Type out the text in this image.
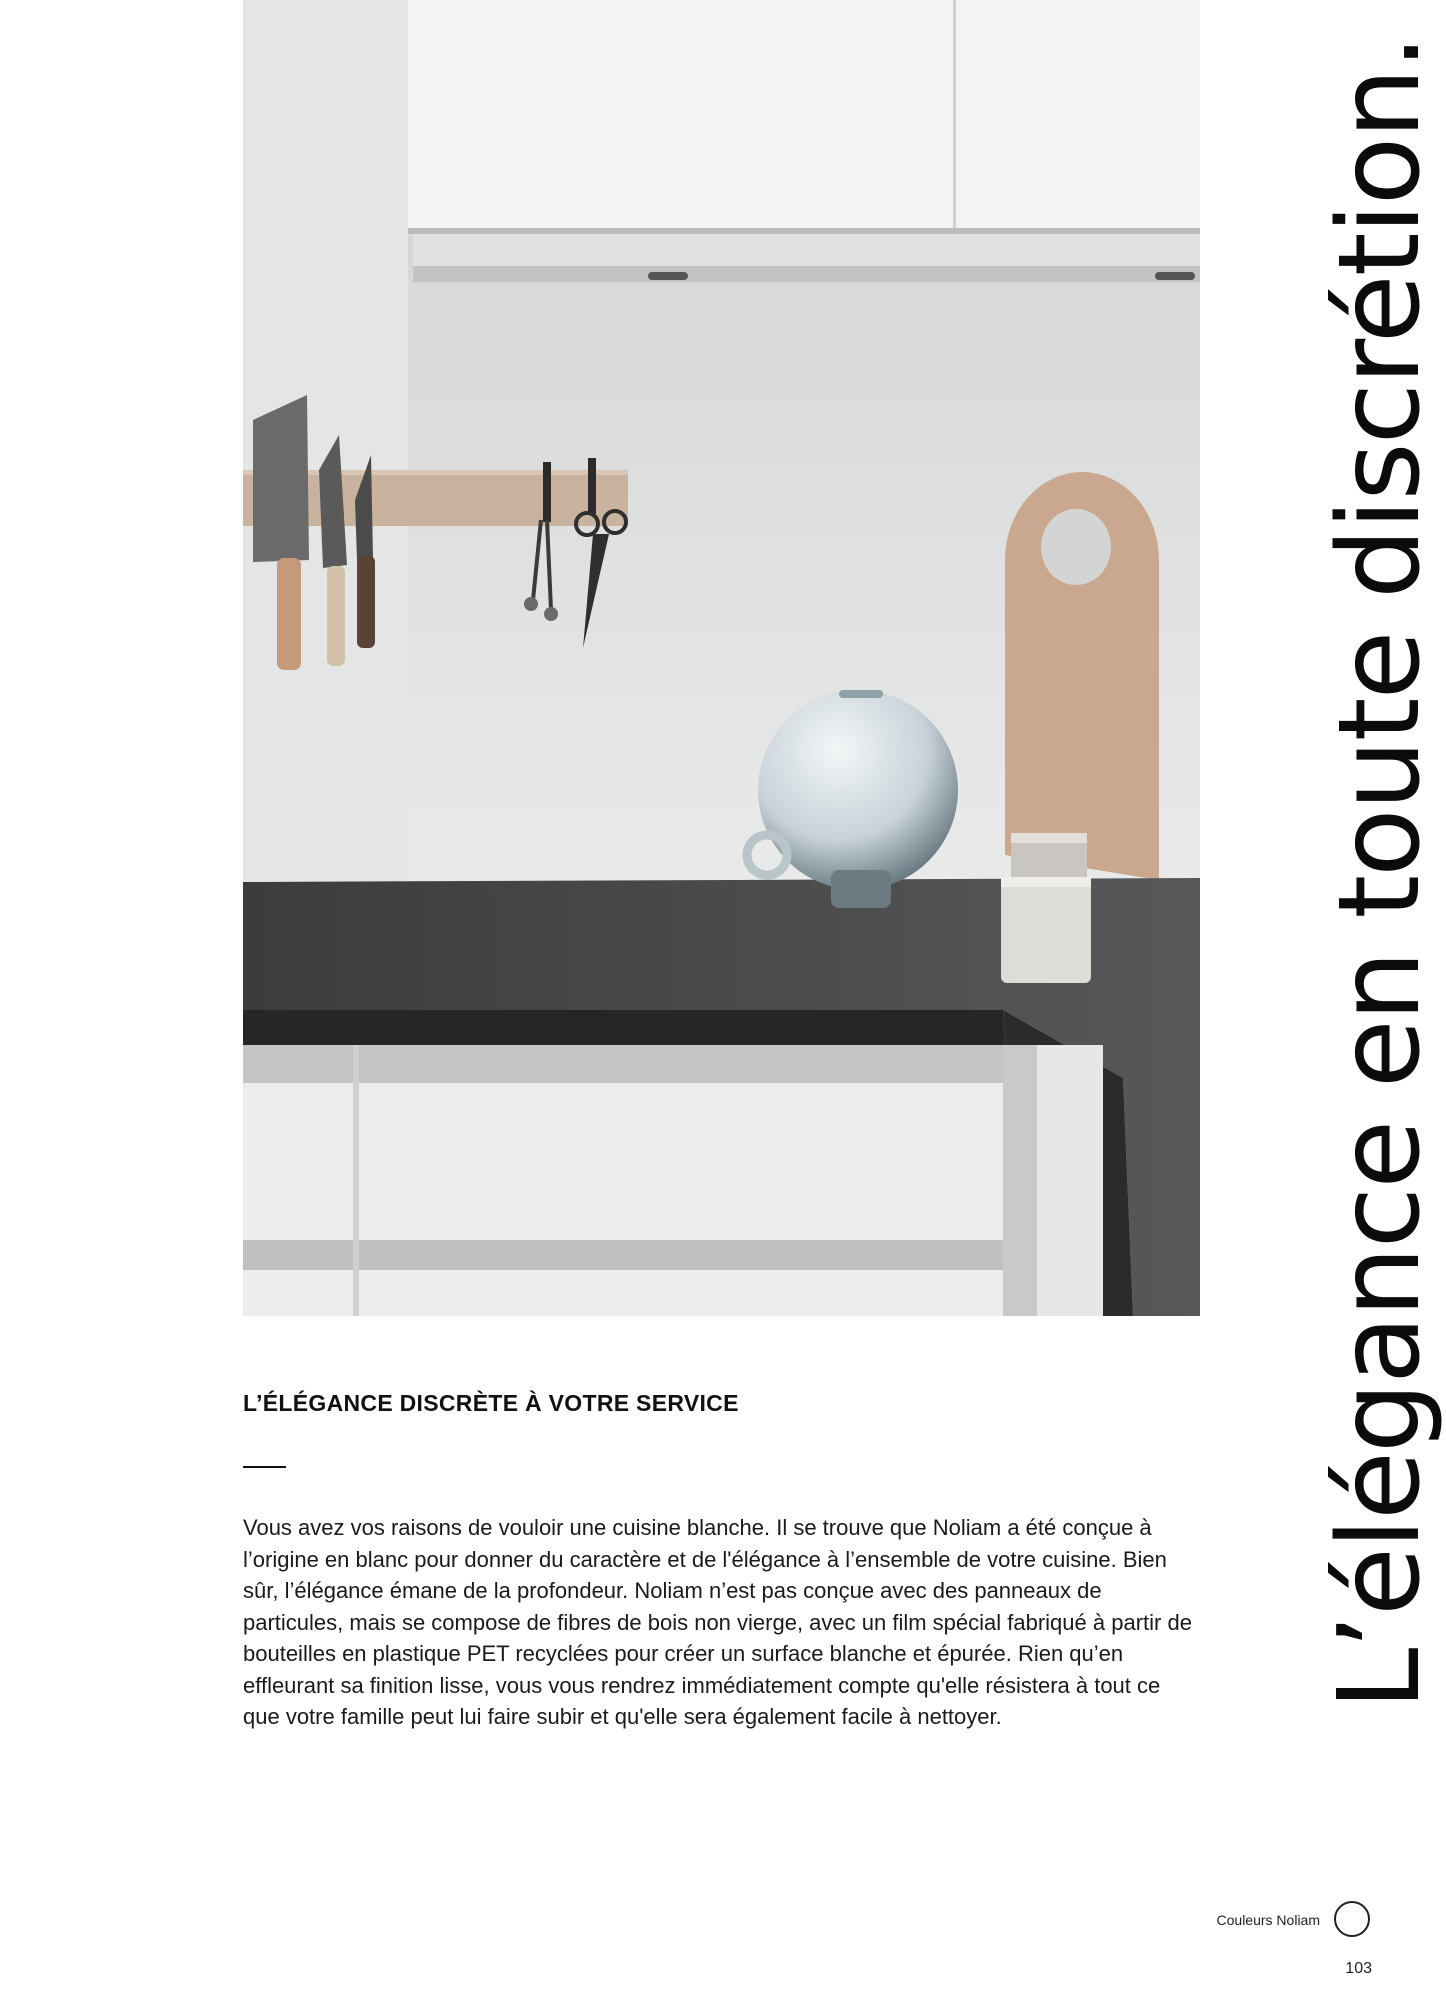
L’élégance en toute discrétion.
L’ÉLÉGANCE DISCRÈTE À VOTRE SERVICE
Vous avez vos raisons de vouloir une cuisine blanche. Il se trouve que Noliam a été conçue à l’origine en blanc pour donner du caractère et de l'élégance à l’ensemble de votre cuisine. Bien sûr, l’élégance émane de la profondeur. Noliam n’est pas conçue avec des panneaux de particules, mais se compose de fibres de bois non vierge, avec un film spécial fabriqué à partir de bouteilles en plastique PET recyclées pour créer un surface blanche et épurée. Rien qu’en effleurant sa finition lisse, vous vous rendrez immédiatement compte qu'elle résistera à tout ce que votre famille peut lui faire subir et qu'elle sera également facile à nettoyer.
Couleurs Noliam
103
